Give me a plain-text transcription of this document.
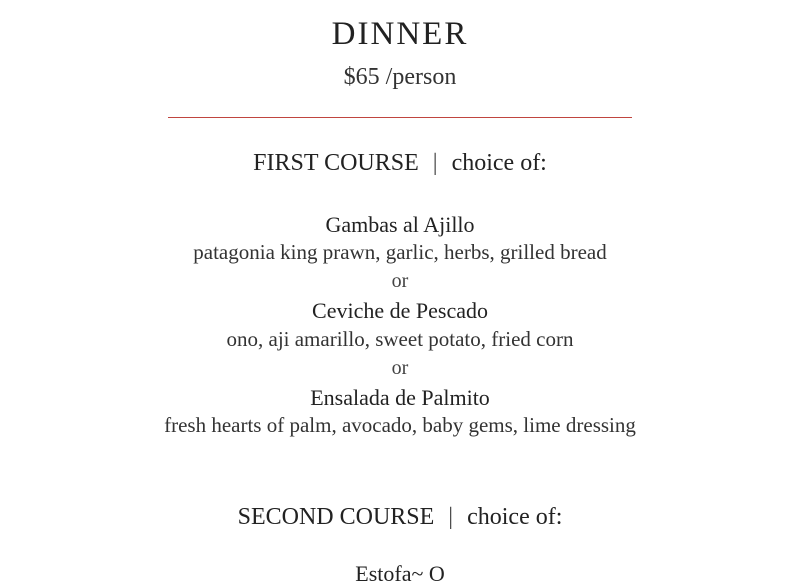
DINNER
$65 /person
FIRST COURSE | choice of:
Gambas al Ajillo
patagonia king prawn, garlic, herbs, grilled bread
or
Ceviche de Pescado
ono, aji amarillo, sweet potato, fried corn
or
Ensalada de Palmito
fresh hearts of palm, avocado, baby gems, lime dressing
SECOND COURSE | choice of:
Estofa~ O
